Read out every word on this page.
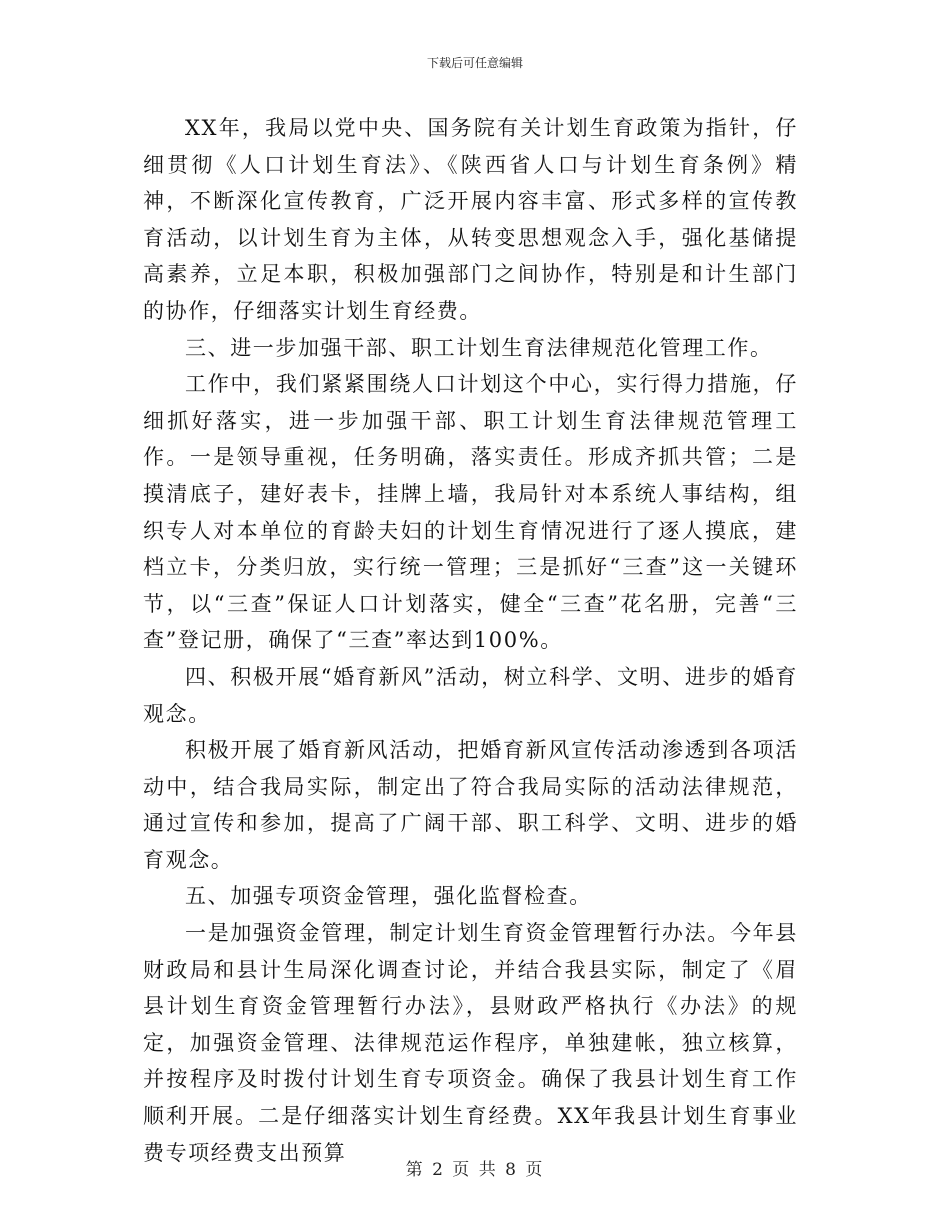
下载后可任意编辑

XX年，我局以党中央、国务院有关计划生育政策为指针，仔细贯彻《人口计划生育法》、《陕西省人口与计划生育条例》精神，不断深化宣传教育，广泛开展内容丰富、形式多样的宣传教育活动，以计划生育为主体，从转变思想观念入手，强化基储提高素养，立足本职，积极加强部门之间协作，特别是和计生部门的协作，仔细落实计划生育经费。

三、进一步加强干部、职工计划生育法律规范化管理工作。

工作中，我们紧紧围绕人口计划这个中心，实行得力措施，仔细抓好落实，进一步加强干部、职工计划生育法律规范管理工作。一是领导重视，任务明确，落实责任。形成齐抓共管；二是摸清底子，建好表卡，挂牌上墙，我局针对本系统人事结构，组织专人对本单位的育龄夫妇的计划生育情况进行了逐人摸底，建档立卡，分类归放，实行统一管理；三是抓好“三查”这一关键环节，以“三查”保证人口计划落实，健全“三查”花名册，完善“三查”登记册，确保了“三查”率达到100%。

四、积极开展“婚育新风”活动，树立科学、文明、进步的婚育观念。

积极开展了婚育新风活动，把婚育新风宣传活动渗透到各项活动中，结合我局实际，制定出了符合我局实际的活动法律规范，通过宣传和参加，提高了广阔干部、职工科学、文明、进步的婚育观念。

五、加强专项资金管理，强化监督检查。

一是加强资金管理，制定计划生育资金管理暂行办法。今年县财政局和县计生局深化调查讨论，并结合我县实际，制定了《眉县计划生育资金管理暂行办法》，县财政严格执行《办法》的规定，加强资金管理、法律规范运作程序，单独建帐，独立核算，并按程序及时拨付计划生育专项资金。确保了我县计划生育工作顺利开展。二是仔细落实计划生育经费。XX年我县计划生育事业费专项经费支出预算

第 2 页 共 8 页
